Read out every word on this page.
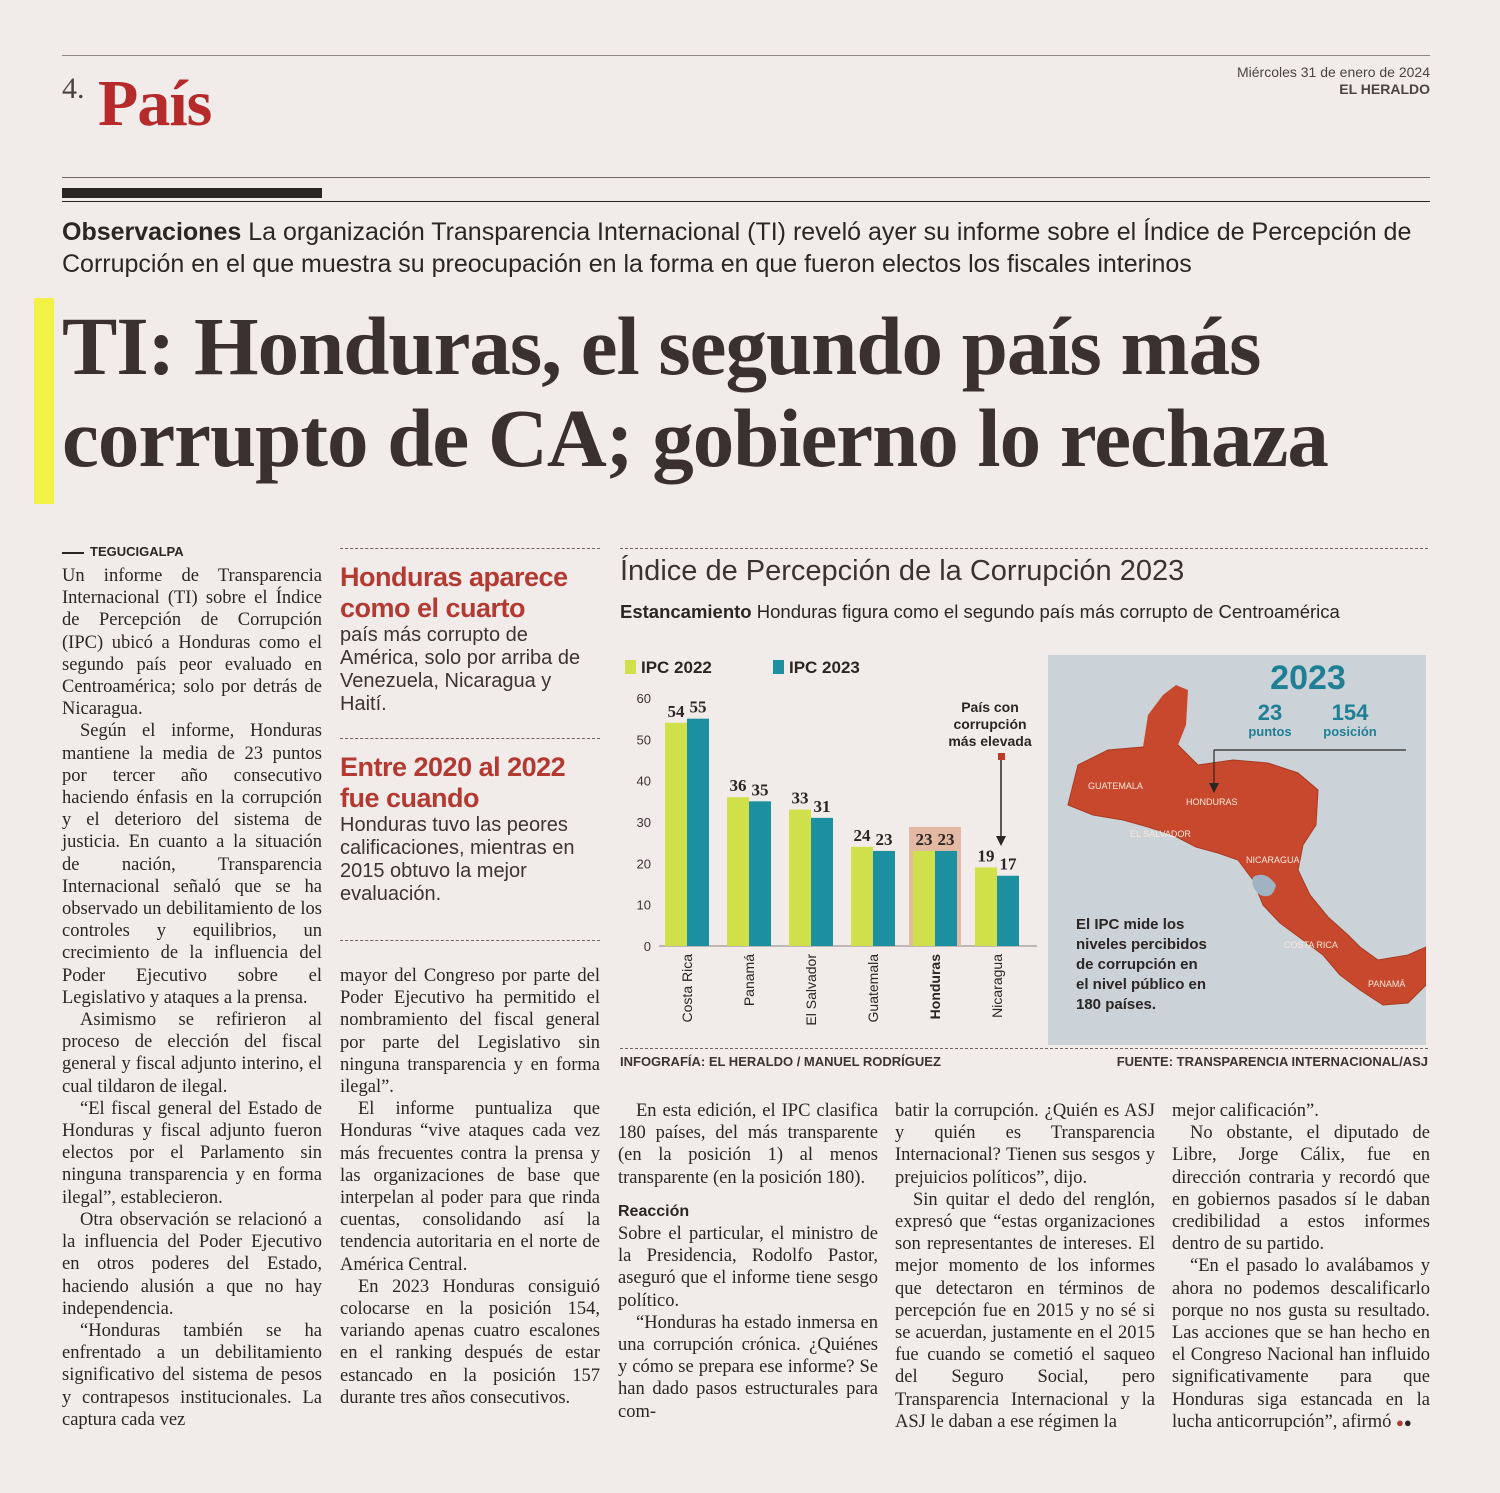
4. País	Miércoles 31 de enero de 2024
EL HERALDO
Observaciones La organización Transparencia Internacional (TI) reveló ayer su informe sobre el Índice de Percepción de Corrupción en el que muestra su preocupación en la forma en que fueron electos los fiscales interinos
TI: Honduras, el segundo país más
corrupto de CA; gobierno lo rechaza
TEGUCIGALPA

Un informe de Transparencia Internacional (TI) sobre el Índice de Percepción de Corrupción (IPC) ubicó a Honduras como el segundo país peor evaluado en Centroamérica; solo por detrás de Nicaragua.

Según el informe, Honduras mantiene la media de 23 puntos por tercer año consecutivo haciendo énfasis en la corrupción y el deterioro del sistema de justicia. En cuanto a la situación de nación, Transparencia Internacional señaló que se ha observado un debilitamiento de los controles y equilibrios, un crecimiento de la influencia del Poder Ejecutivo sobre el Legislativo y ataques a la prensa.

Asimismo se refirieron al proceso de elección del fiscal general y fiscal adjunto interino, el cual tildaron de ilegal.

“El fiscal general del Estado de Honduras y fiscal adjunto fueron electos por el Parlamento sin ninguna transparencia y en forma ilegal”, establecieron.

Otra observación se relacionó a la influencia del Poder Ejecutivo en otros poderes del Estado, haciendo alusión a que no hay independencia.

“Honduras también se ha enfrentado a un debilitamiento significativo del sistema de pesos y contrapesos institucionales. La captura cada vez

Honduras aparece como el cuarto
país más corrupto de América, solo por arriba de Venezuela, Nicaragua y Haití.
Entre 2020 al 2022 fue cuando
Honduras tuvo las peores calificaciones, mientras en 2015 obtuvo la mejor evaluación.

mayor del Congreso por parte del Poder Ejecutivo ha permitido el nombramiento del fiscal general por parte del Legislativo sin ninguna transparencia y en forma ilegal”.

El informe puntualiza que Honduras “vive ataques cada vez más frecuentes contra la prensa y las organizaciones de base que interpelan al poder para que rinda cuentas, consolidando así la tendencia autoritaria en el norte de América Central.

En 2023 Honduras consiguió colocarse en la posición 154, variando apenas cuatro escalones en el ranking después de estar estancado en la posición 157 durante tres años consecutivos.

Índice de Percepción de la Corrupción 2023
Estancamiento Honduras figura como el segundo país más corrupto de Centroamérica
IPC 2022	IPC 2023
0
10
20
30
40
50
60
54 55
36 35 33 31
24 23 23 23
19 17
Costa Rica	Panamá	El Salvador	Guatemala	Honduras	Nicaragua
País con
corrupción
más elevada
GUATEMALA
HONDURAS
EL SALVADOR
NICARAGUA
COSTA RICA
PANAMÁ
2023
23
puntos
154
posición
El IPC mide los
niveles percibidos
de corrupción en
el nivel público en
180 países.
INFOGRAFÍA: EL HERALDO / MANUEL RODRÍGUEZ	FUENTE: TRANSPARENCIA INTERNACIONAL/ASJ

En esta edición, el IPC clasifica 180 países, del más transparente (en la posición 1) al menos transparente (en la posición 180).

Reacción

Sobre el particular, el ministro de la Presidencia, Rodolfo Pastor, aseguró que el informe tiene sesgo político.

“Honduras ha estado inmersa en una corrupción crónica. ¿Quiénes y cómo se prepara ese informe? Se han dado pasos estructurales para com-

batir la corrupción. ¿Quién es ASJ y quién es Transparencia Internacional? Tienen sus sesgos y prejuicios políticos”, dijo.

Sin quitar el dedo del renglón, expresó que “estas organizaciones son representantes de intereses. El mejor momento de los informes que detectaron en términos de percepción fue en 2015 y no sé si se acuerdan, justamente en el 2015 fue cuando se cometió el saqueo del Seguro Social, pero Transparencia Internacional y la ASJ le daban a ese régimen la

mejor calificación”.

No obstante, el diputado de Libre, Jorge Cálix, fue en dirección contraria y recordó que en gobiernos pasados sí le daban credibilidad a estos informes dentro de su partido.

“En el pasado lo avalábamos y ahora no podemos descalificarlo porque no nos gusta su resultado. Las acciones que se han hecho en el Congreso Nacional han influido significativamente para que Honduras siga estancada en la lucha anticorrupción”, afirmó ●●
